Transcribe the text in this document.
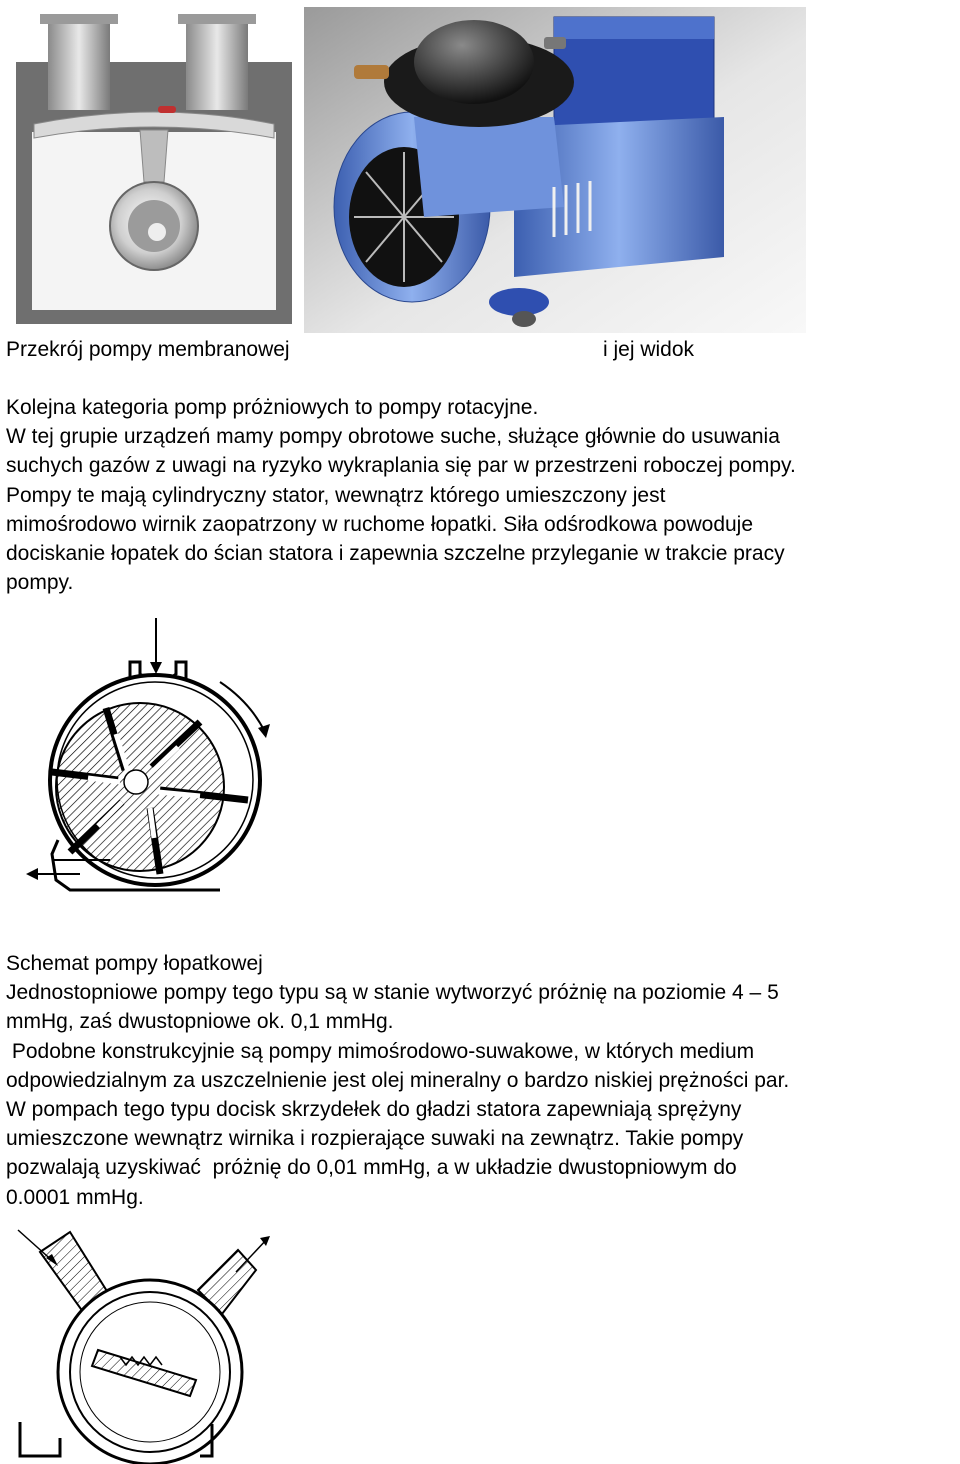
Przekrój pompy membranowej	i jej widok
Kolejna kategoria pomp próżniowych to pompy rotacyjne.
W tej grupie urządzeń mamy pompy obrotowe suche, służące głównie do usuwania
suchych gazów z uwagi na ryzyko wykraplania się par w przestrzeni roboczej pompy.
Pompy te mają cylindryczny stator, wewnątrz którego umieszczony jest
mimośrodowo wirnik zaopatrzony w ruchome łopatki. Siła odśrodkowa powoduje
dociskanie łopatek do ścian statora i zapewnia szczelne przyleganie w trakcie pracy
pompy.
Schemat pompy łopatkowej
Jednostopniowe pompy tego typu są w stanie wytworzyć próżnię na poziomie 4 – 5
mmHg, zaś dwustopniowe ok. 0,1 mmHg.
Podobne konstrukcyjnie są pompy mimośrodowo-suwakowe, w których medium
odpowiedzialnym za uszczelnienie jest olej mineralny o bardzo niskiej prężności par.
W pompach tego typu docisk skrzydełek do gładzi statora zapewniają sprężyny
umieszczone wewnątrz wirnika i rozpierające suwaki na zewnątrz. Takie pompy
pozwalają uzyskiwać  próżnię do 0,01 mmHg, a w układzie dwustopniowym do
0.0001 mmHg.
